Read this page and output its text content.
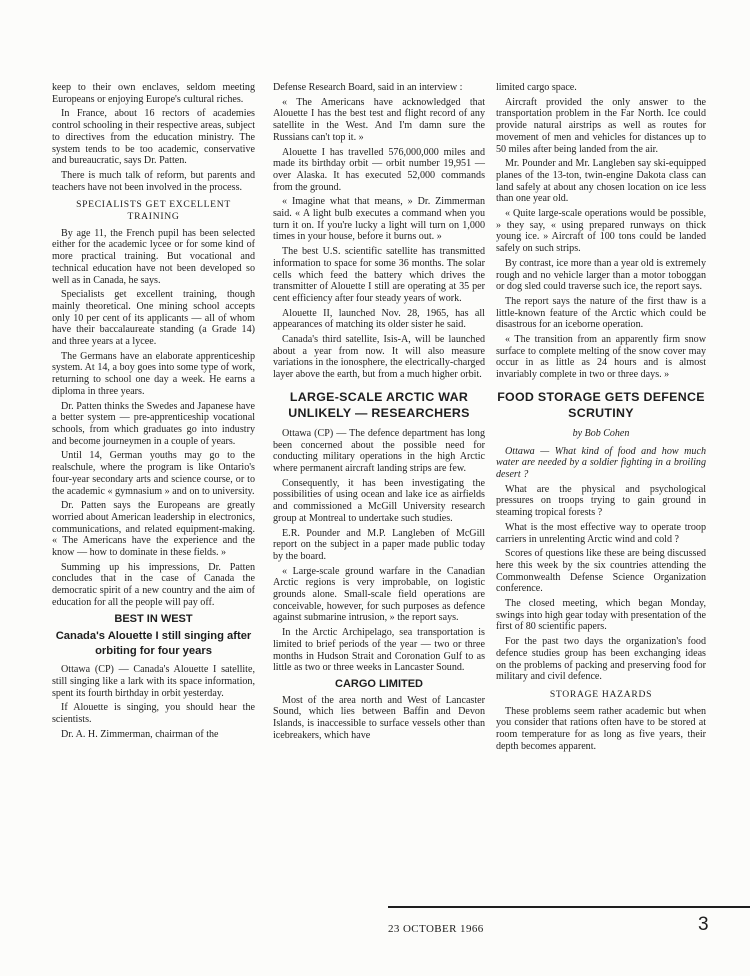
keep to their own enclaves, seldom meeting Europeans or enjoying Europe's cultural riches.

In France, about 16 rectors of academies control schooling in their respective areas, subject to directives from the education ministry. The system tends to be too academic, conservative and bureaucratic, says Dr. Patten.

There is much talk of reform, but parents and teachers have not been involved in the process.

SPECIALISTS GET EXCELLENT TRAINING

By age 11, the French pupil has been selected either for the academic lycee or for some kind of more practical training. But vocational and technical education have not been developed so well as in Canada, he says.

Specialists get excellent training, though mainly theoretical. One mining school accepts only 10 per cent of its applicants — all of whom have their baccalaureate standing (a Grade 14) and three years at a lycee.

The Germans have an elaborate apprenticeship system. At 14, a boy goes into some type of work, returning to school one day a week. He earns a diploma in three years.

Dr. Patten thinks the Swedes and Japanese have a better system — pre-apprenticeship vocational schools, from which graduates go into industry and become journeymen in a couple of years.

Until 14, German youths may go to the realschule, where the program is like Ontario's four-year secondary arts and science course, or to the academic « gymnasium » and on to university.

Dr. Patten says the Europeans are greatly worried about American leadership in electronics, communications, and related equipment-making. « The Americans have the experience and the know — how to dominate in these fields. »

Summing up his impressions, Dr. Patten concludes that in the case of Canada the democratic spirit of a new country and the aim of education for all the people will pay off.

BEST IN WEST
Canada's Alouette I still singing after orbiting for four years

Ottawa (CP) — Canada's Alouette I satellite, still singing like a lark with its space information, spent its fourth birthday in orbit yesterday.

If Alouette is singing, you should hear the scientists.

Dr. A. H. Zimmerman, chairman of the

Defense Research Board, said in an interview :

« The Americans have acknowledged that Alouette I has the best test and flight record of any satellite in the West. And I'm damn sure the Russians can't top it. »

Alouette I has travelled 576,000,000 miles and made its birthday orbit — orbit number 19,951 — over Alaska. It has executed 52,000 commands from the ground.

« Imagine what that means, » Dr. Zimmerman said. « A light bulb executes a command when you turn it on. If you're lucky a light will turn on 1,000 times in your house, before it burns out. »

The best U.S. scientific satellite has transmitted information to space for some 36 months. The solar cells which feed the battery which drives the transmitter of Alouette I still are operating at 35 per cent efficiency after four steady years of work.

Alouette II, launched Nov. 28, 1965, has all appearances of matching its older sister he said.

Canada's third satellite, Isis-A, will be launched about a year from now. It will also measure variations in the ionosphere, the electrically-charged layer above the earth, but from a much higher orbit.

LARGE-SCALE ARCTIC WAR UNLIKELY — RESEARCHERS

Ottawa (CP) — The defence department has long been concerned about the possible need for conducting military operations in the high Arctic where permanent aircraft landing strips are few.

Consequently, it has been investigating the possibilities of using ocean and lake ice as airfields and commissioned a McGill University research group at Montreal to undertake such studies.

E.R. Pounder and M.P. Langleben of McGill report on the subject in a paper made public today by the board.

« Large-scale ground warfare in the Canadian Arctic regions is very improbable, on logistic grounds alone. Small-scale field operations are conceivable, however, for such purposes as defence against submarine intrusion, » the report says.

In the Arctic Archipelago, sea transportation is limited to brief periods of the year — two or three months in Hudson Strait and Coronation Gulf to as little as two or three weeks in Lancaster Sound.

CARGO LIMITED

Most of the area north and West of Lancaster Sound, which lies between Baffin and Devon Islands, is inaccessible to surface vessels other than icebreakers, which have

limited cargo space.

Aircraft provided the only answer to the transportation problem in the Far North. Ice could provide natural airstrips as well as routes for movement of men and vehicles for distances up to 50 miles after being landed from the air.

Mr. Pounder and Mr. Langleben say ski-equipped planes of the 13-ton, twin-engine Dakota class can land safely at about any chosen location on ice less than one year old.

« Quite large-scale operations would be possible, » they say, « using prepared runways on thick young ice. » Aircraft of 100 tons could be landed safely on such strips.

By contrast, ice more than a year old is extremely rough and no vehicle larger than a motor toboggan or dog sled could traverse such ice, the report says.

The report says the nature of the first thaw is a little-known feature of the Arctic which could be disastrous for an iceborne operation.

« The transition from an apparently firm snow surface to complete melting of the snow cover may occur in as little as 24 hours and is almost invariably complete in two or three days. »

FOOD STORAGE GETS DEFENCE SCRUTINY
by Bob Cohen

Ottawa — What kind of food and how much water are needed by a soldier fighting in a broiling desert ?

What are the physical and psychological pressures on troops trying to gain ground in steaming tropical forests ?

What is the most effective way to operate troop carriers in unrelenting Arctic wind and cold ?

Scores of questions like these are being discussed here this week by the six countries attending the Commonwealth Defense Science Organization conference.

The closed meeting, which began Monday, swings into high gear today with presentation of the first of 80 scientific papers.

For the past two days the organization's food defence studies group has been exchanging ideas on the problems of packing and preserving food for military and civil defence.

STORAGE HAZARDS

These problems seem rather academic but when you consider that rations often have to be stored at room temperature for as long as five years, their depth becomes apparent.

23 OCTOBER 1966	3
